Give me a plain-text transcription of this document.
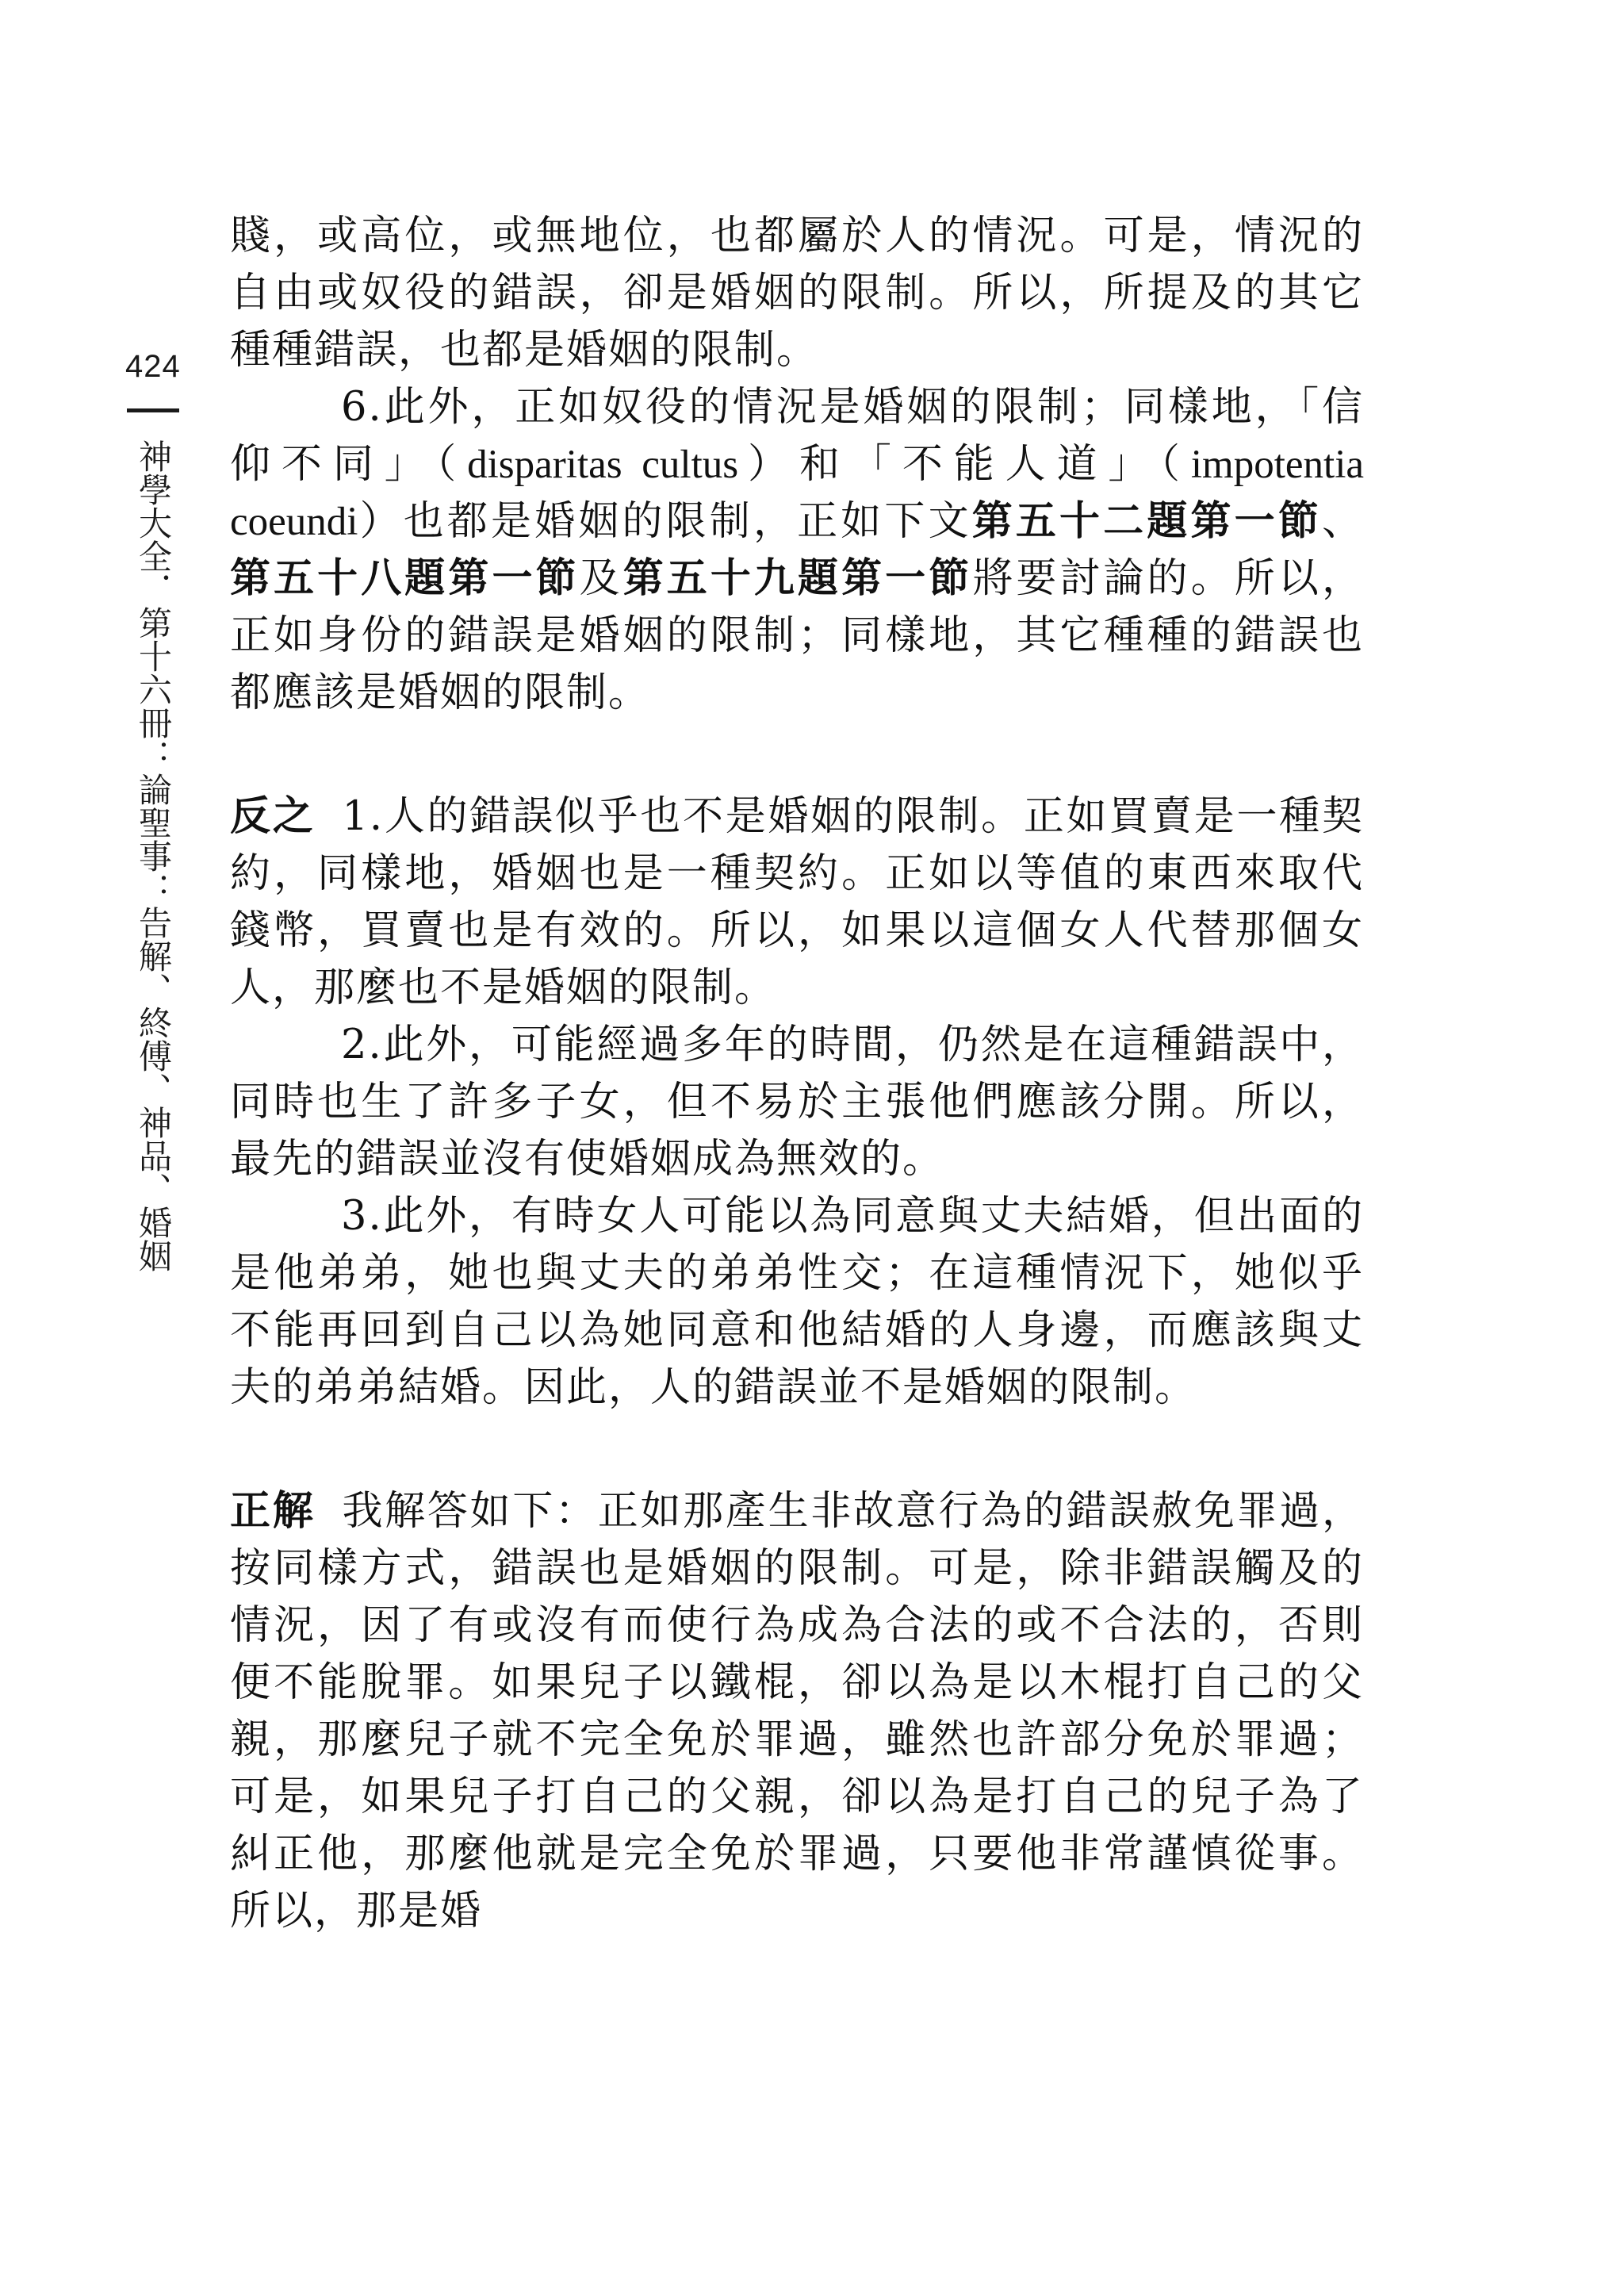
424
神學大全．第十六冊：論聖事：告解、終傅、神品、婚姻

賤，或高位，或無地位，也都屬於人的情況。可是，情況的自由或奴役的錯誤，卻是婚姻的限制。所以，所提及的其它種種錯誤，也都是婚姻的限制。

6.此外，正如奴役的情況是婚姻的限制；同樣地，「信仰不同」（disparitas cultus）和「不能人道」（impotentia coeundi）也都是婚姻的限制，正如下文第五十二題第一節、第五十八題第一節及第五十九題第一節將要討論的。所以，正如身份的錯誤是婚姻的限制；同樣地，其它種種的錯誤也都應該是婚姻的限制。

反之 1.人的錯誤似乎也不是婚姻的限制。正如買賣是一種契約，同樣地，婚姻也是一種契約。正如以等值的東西來取代錢幣，買賣也是有效的。所以，如果以這個女人代替那個女人，那麼也不是婚姻的限制。

2.此外，可能經過多年的時間，仍然是在這種錯誤中，同時也生了許多子女，但不易於主張他們應該分開。所以，最先的錯誤並沒有使婚姻成為無效的。

3.此外，有時女人可能以為同意與丈夫結婚，但出面的是他弟弟，她也與丈夫的弟弟性交；在這種情況下，她似乎不能再回到自己以為她同意和他結婚的人身邊，而應該與丈夫的弟弟結婚。因此，人的錯誤並不是婚姻的限制。

正解 我解答如下：正如那產生非故意行為的錯誤赦免罪過，按同樣方式，錯誤也是婚姻的限制。可是，除非錯誤觸及的情況，因了有或沒有而使行為成為合法的或不合法的，否則便不能脫罪。如果兒子以鐵棍，卻以為是以木棍打自己的父親，那麼兒子就不完全免於罪過，雖然也許部分免於罪過；可是，如果兒子打自己的父親，卻以為是打自己的兒子為了糾正他，那麼他就是完全免於罪過，只要他非常謹慎從事。所以，那是婚
